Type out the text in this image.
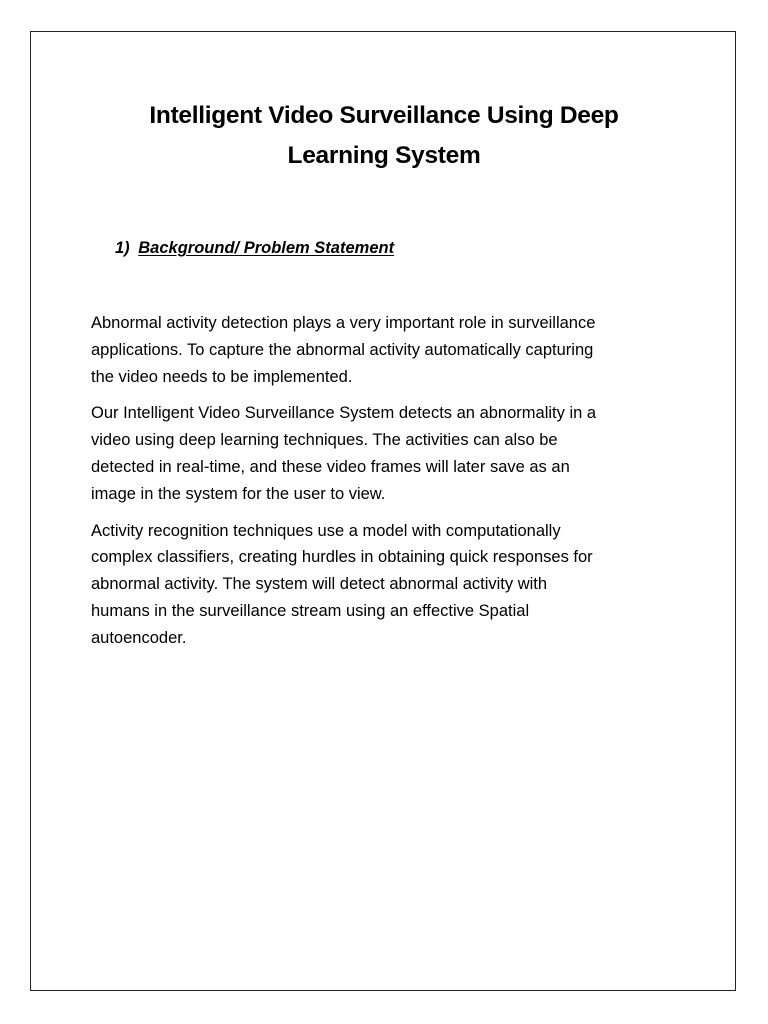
Intelligent Video Surveillance Using Deep
Learning System
1) Background/ Problem Statement

Abnormal activity detection plays a very important role in surveillance
applications. To capture the abnormal activity automatically capturing
the video needs to be implemented.

Our Intelligent Video Surveillance System detects an abnormality in a
video using deep learning techniques. The activities can also be
detected in real-time, and these video frames will later save as an
image in the system for the user to view.

Activity recognition techniques use a model with computationally
complex classifiers, creating hurdles in obtaining quick responses for
abnormal activity. The system will detect abnormal activity with
humans in the surveillance stream using an effective Spatial
autoencoder.
